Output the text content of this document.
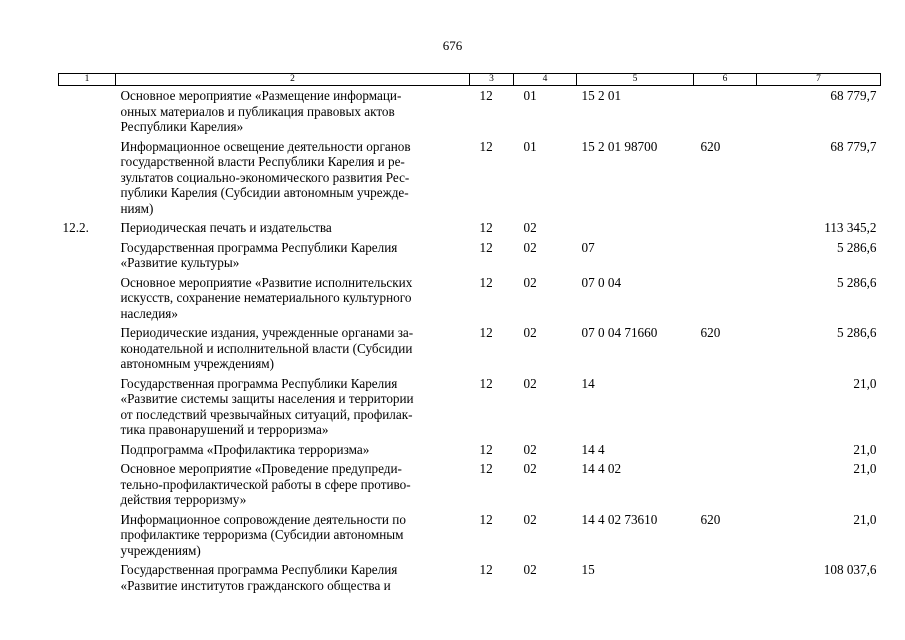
676
1	2	3	4	5	6	7

	Основное мероприятие «Размещение информаци-
онных материалов и публикация правовых актов
Республики Карелия»	12	01	15 2 01		68 779,7

	Информационное освещение деятельности органов
государственной власти Республики Карелия и ре-
зультатов социально-экономического развития Рес-
публики Карелия (Субсидии автономным учрежде-
ниям)	12	01	15 2 01 98700	620	68 779,7
12.2.	Периодическая печать и издательства	12	02			113 345,2

	Государственная программа Республики Карелия
«Развитие культуры»	12	02	07		5 286,6

	Основное мероприятие «Развитие исполнительских
искусств, сохранение нематериального культурного
наследия»	12	02	07 0 04		5 286,6

	Периодические издания, учрежденные органами за-
конодательной и исполнительной власти (Субсидии
автономным учреждениям)	12	02	07 0 04 71660	620	5 286,6

	Государственная программа Республики Карелия
«Развитие системы защиты населения и территории
от последствий чрезвычайных ситуаций, профилак-
тика правонарушений и терроризма»	12	02	14		21,0

	Подпрограмма «Профилактика терроризма»	12	02	14 4		21,0

	Основное мероприятие «Проведение предупреди-
тельно-профилактической работы в сфере противо-
действия терроризму»	12	02	14 4 02		21,0

	Информационное сопровождение деятельности по
профилактике терроризма (Субсидии автономным
учреждениям)	12	02	14 4 02 73610	620	21,0

	Государственная программа Республики Карелия
«Развитие институтов гражданского общества и	12	02	15		108 037,6
